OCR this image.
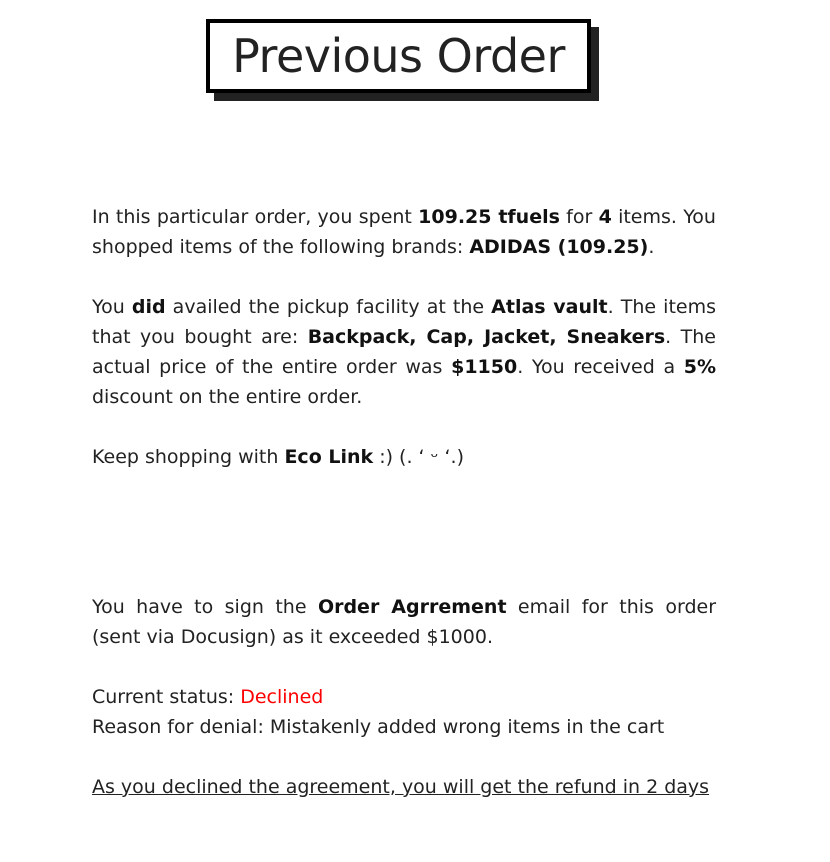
Previous Order

In this particular order, you spent 109.25 tfuels for 4 items. You shopped items of the following brands: ADIDAS (109.25).

You did availed the pickup facility at the Atlas vault. The items that you bought are: Backpack, Cap, Jacket, Sneakers. The actual price of the entire order was $1150. You received a 5% discount on the entire order.

Keep shopping with Eco Link :) (. ‘ ᵕ ‘.)

You have to sign the Order Agrrement email for this order (sent via Docusign) as it exceeded $1000.

Current status: Declined

Reason for denial: Mistakenly added wrong items in the cart

As you declined the agreement, you will get the refund in 2 days
